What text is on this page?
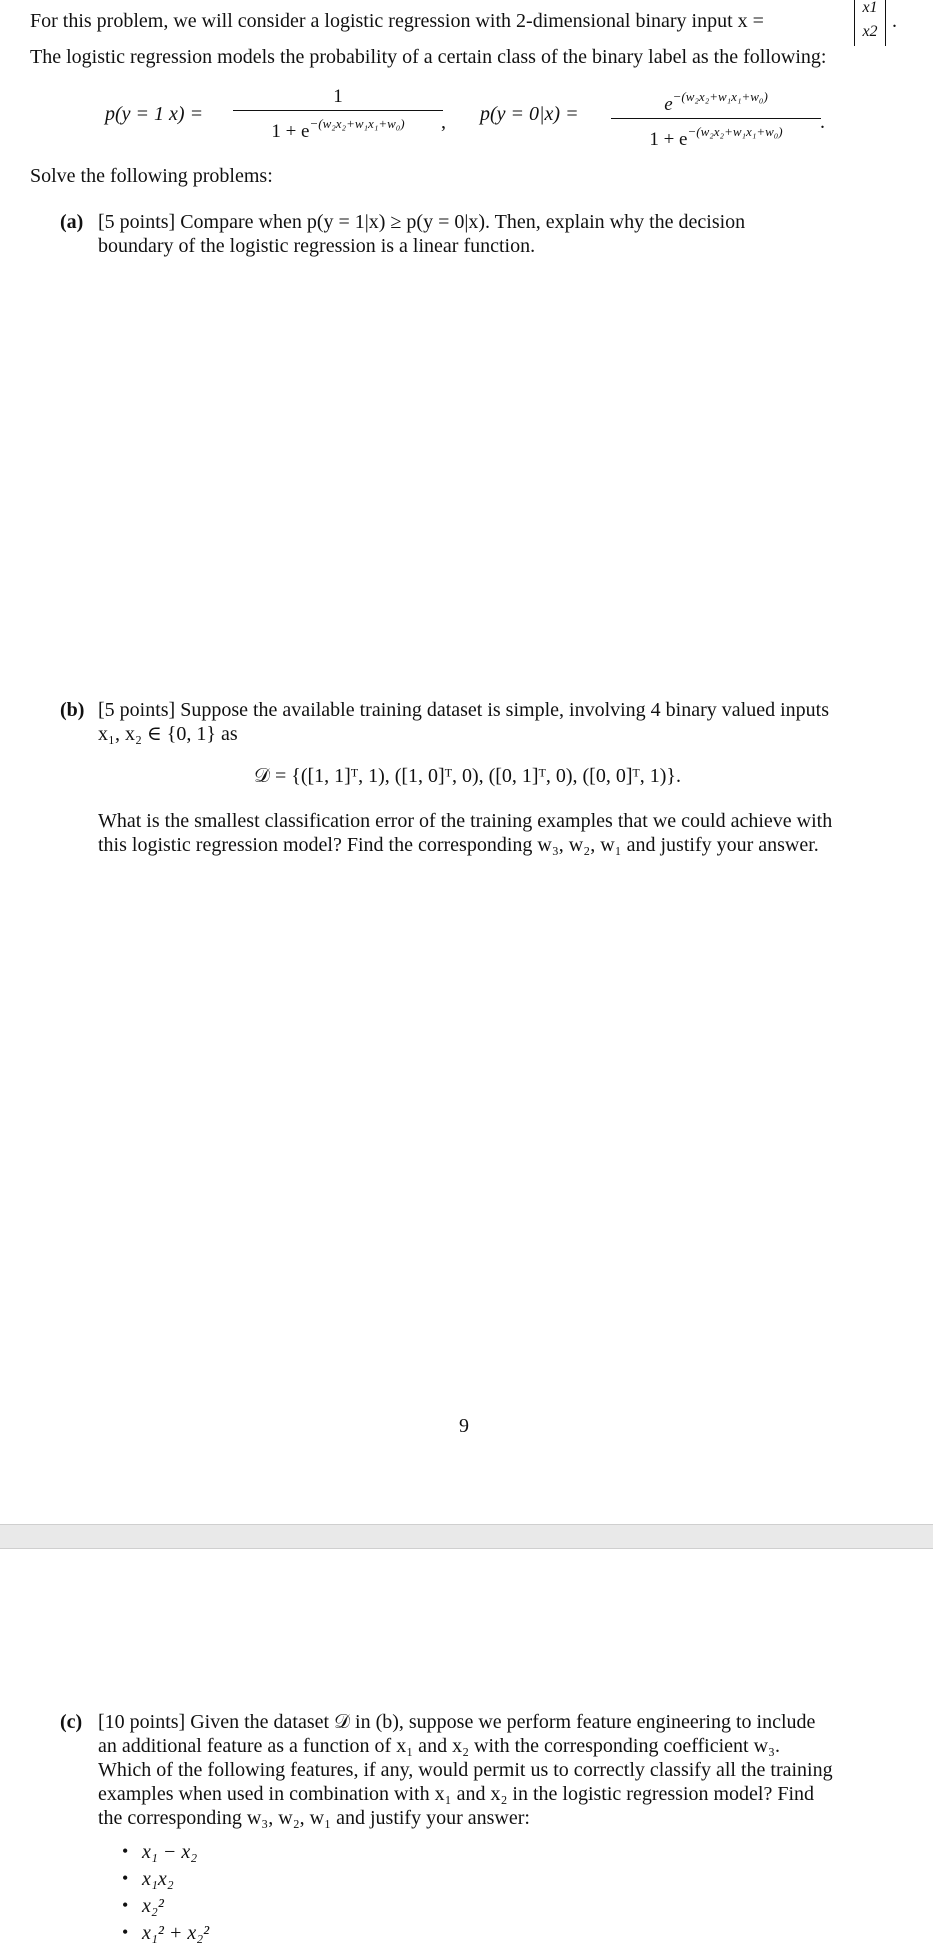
For this problem, we will consider a logistic regression with 2-dimensional binary input x =
x1
x2 .
The logistic regression models the probability of a certain class of the binary label as the following:
p(y = 1 x) =
1
$1 + e^{-(w_2x_2+w_1x_1+w_0)}$	, p(y = 0|x) =	$e^{-(w_2x_2+w_1x_1+w_0)}$
$1 + e^{-(w_2x_2+w_1x_1+w_0)}$	.
Solve the following problems:
(a) [5 points] Compare when p(y = 1|x) ≥ p(y = 0|x). Then, explain why the decision
boundary of the logistic regression is a linear function.
(b) [5 points] Suppose the available training dataset is simple, involving 4 binary valued inputs
x₁, x₂ ∈ {0, 1} as
𝒟 = {([1, 1]ᵀ, 1), ([1, 0]ᵀ, 0), ([0, 1]ᵀ, 0), ([0, 0]ᵀ, 1)}.
What is the smallest classification error of the training examples that we could achieve with
this logistic regression model? Find the corresponding w₃, w₂, w₁ and justify your answer.
9
(c) [10 points] Given the dataset 𝒟 in (b), suppose we perform feature engineering to include
an additional feature as a function of x₁ and x₂ with the corresponding coefficient w₃.
Which of the following features, if any, would permit us to correctly classify all the training
examples when used in combination with x₁ and x₂ in the logistic regression model? Find
the corresponding w₃, w₂, w₁ and justify your answer:
• x₁ − x₂
• x₁x₂
• x₂²
• x₁² + x₂²
